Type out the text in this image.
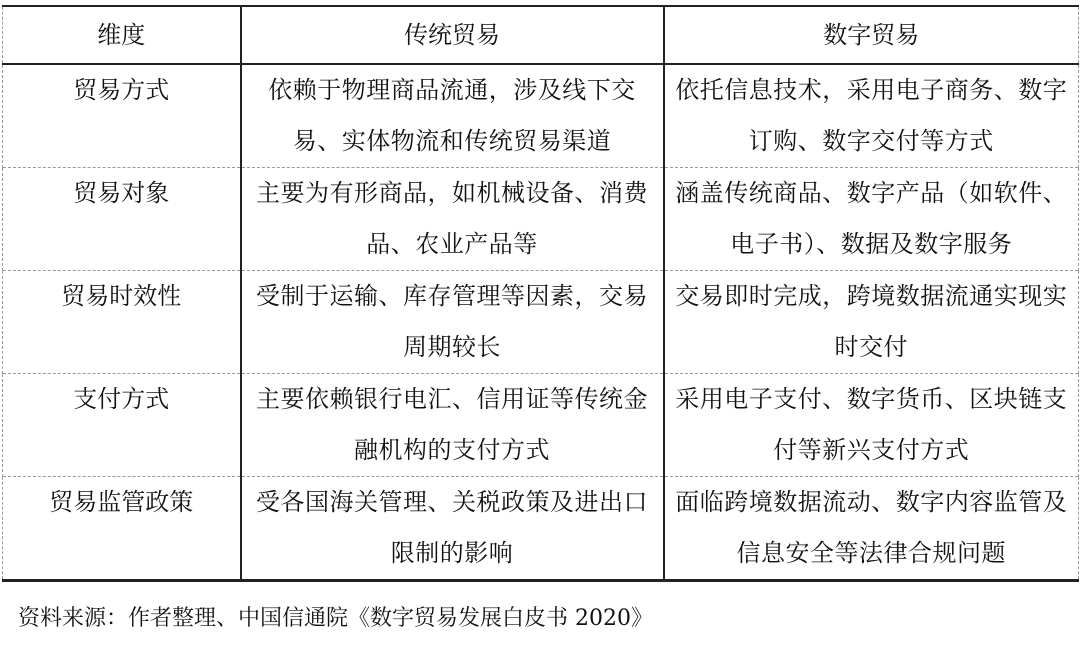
维度	传统贸易	数字贸易
贸易方式	依赖于物理商品流通，涉及线下交易、实体物流和传统贸易渠道	依托信息技术，采用电子商务、数字订购、数字交付等方式
贸易对象	主要为有形商品，如机械设备、消费品、农业产品等	涵盖传统商品、数字产品（如软件、电子书）、数据及数字服务
贸易时效性	受制于运输、库存管理等因素，交易周期较长	交易即时完成，跨境数据流通实现实时交付
支付方式	主要依赖银行电汇、信用证等传统金融机构的支付方式	采用电子支付、数字货币、区块链支付等新兴支付方式
贸易监管政策	受各国海关管理、关税政策及进出口限制的影响	面临跨境数据流动、数字内容监管及信息安全等法律合规问题
资料来源：作者整理、中国信通院《数字贸易发展白皮书 2020》
